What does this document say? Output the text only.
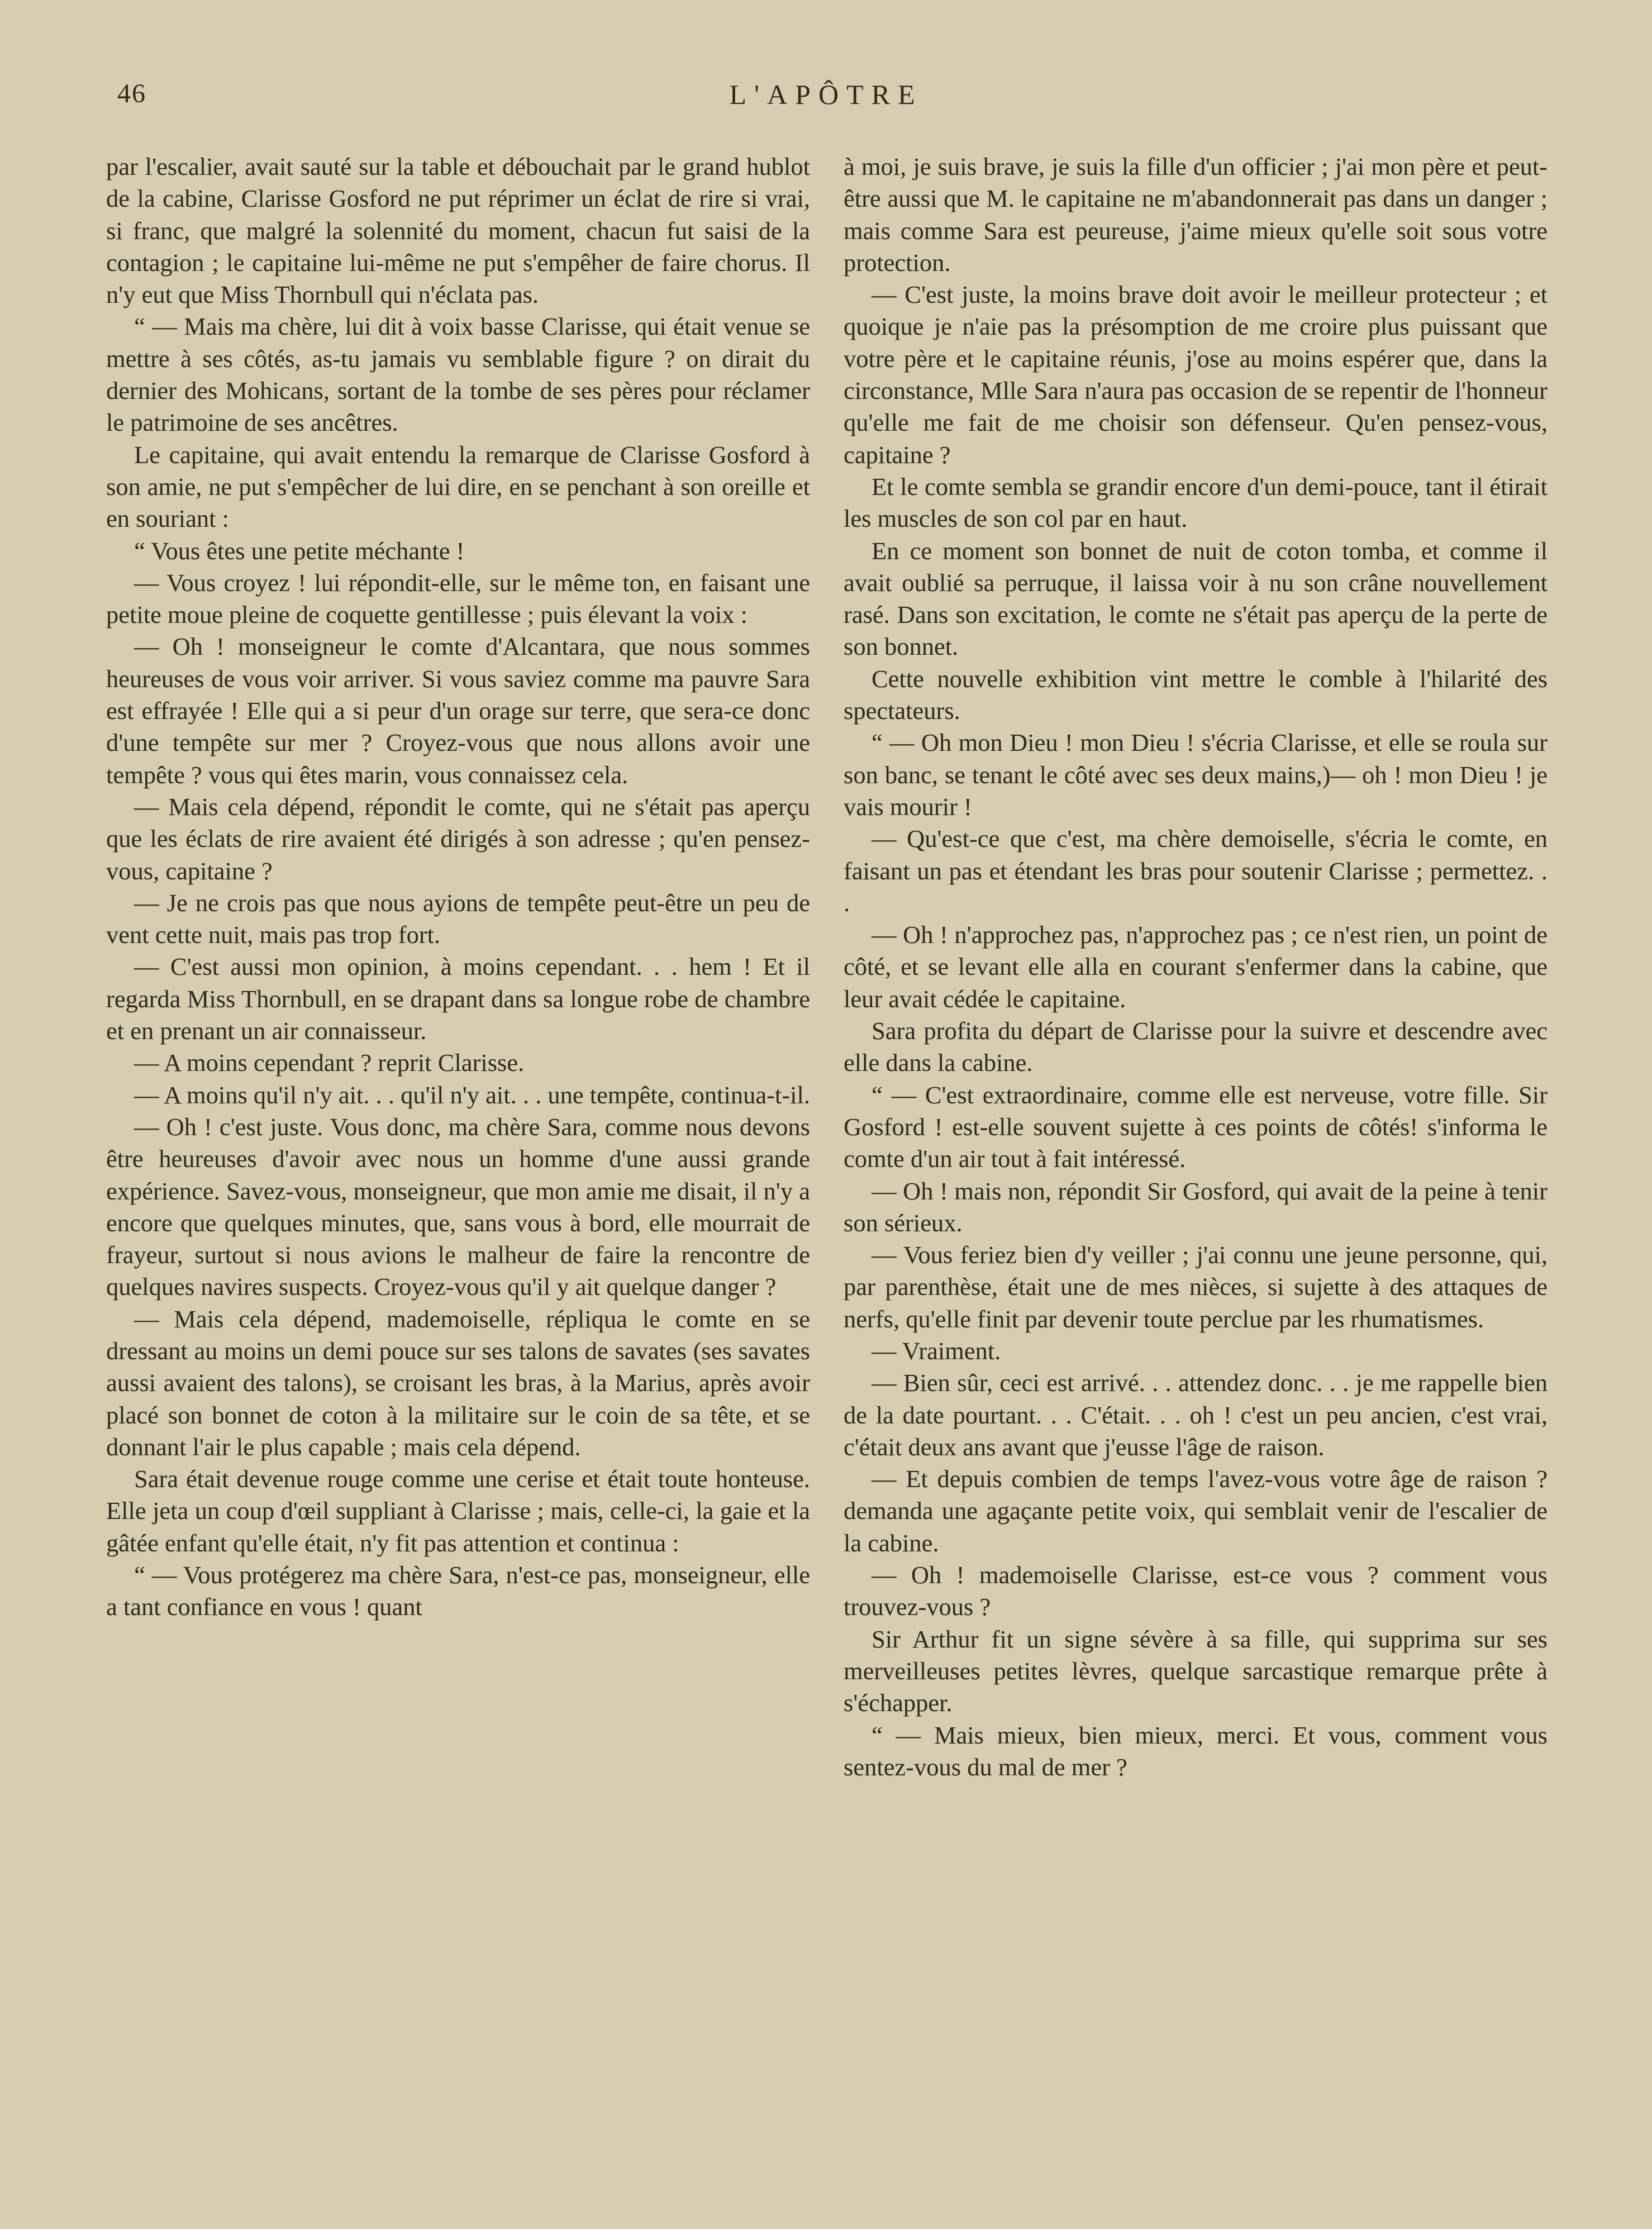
46	L'APÔTRE

par l'escalier, avait sauté sur la table et débouchait par le grand hublot de la cabine, Clarisse Gosford ne put réprimer un éclat de rire si vrai, si franc, que malgré la solennité du moment, chacun fut saisi de la contagion ; le capitaine lui-même ne put s'empêher de faire chorus. Il n'y eut que Miss Thornbull qui n'éclata pas.

“ — Mais ma chère, lui dit à voix basse Clarisse, qui était venue se mettre à ses côtés, as-tu jamais vu semblable figure ? on dirait du dernier des Mohicans, sortant de la tombe de ses pères pour réclamer le patrimoine de ses ancêtres.

Le capitaine, qui avait entendu la remarque de Clarisse Gosford à son amie, ne put s'empêcher de lui dire, en se penchant à son oreille et en souriant :

“ Vous êtes une petite méchante !

— Vous croyez ! lui répondit-elle, sur le même ton, en faisant une petite moue pleine de coquette gentillesse ; puis élevant la voix :

— Oh ! monseigneur le comte d'Alcantara, que nous sommes heureuses de vous voir arriver. Si vous saviez comme ma pauvre Sara est effrayée ! Elle qui a si peur d'un orage sur terre, que sera-ce donc d'une tempête sur mer ? Croyez-vous que nous allons avoir une tempête ? vous qui êtes marin, vous connaissez cela.

— Mais cela dépend, répondit le comte, qui ne s'était pas aperçu que les éclats de rire avaient été dirigés à son adresse ; qu'en pensez-vous, capitaine ?

— Je ne crois pas que nous ayions de tempête peut-être un peu de vent cette nuit, mais pas trop fort.

— C'est aussi mon opinion, à moins cependant. . . hem ! Et il regarda Miss Thornbull, en se drapant dans sa longue robe de chambre et en prenant un air connaisseur.

— A moins cependant ? reprit Clarisse.

— A moins qu'il n'y ait. . . qu'il n'y ait. . . une tempête, continua-t-il.

— Oh ! c'est juste. Vous donc, ma chère Sara, comme nous devons être heureuses d'avoir avec nous un homme d'une aussi grande expérience. Savez-vous, monseigneur, que mon amie me disait, il n'y a encore que quelques minutes, que, sans vous à bord, elle mourrait de frayeur, surtout si nous avions le malheur de faire la rencontre de quelques navires suspects. Croyez-vous qu'il y ait quelque danger ?

— Mais cela dépend, mademoiselle, répliqua le comte en se dressant au moins un demi pouce sur ses talons de savates (ses savates aussi avaient des talons), se croisant les bras, à la Marius, après avoir placé son bonnet de coton à la militaire sur le coin de sa tête, et se donnant l'air le plus capable ; mais cela dépend.

Sara était devenue rouge comme une cerise et était toute honteuse. Elle jeta un coup d'œil suppliant à Clarisse ; mais, celle-ci, la gaie et la gâtée enfant qu'elle était, n'y fit pas attention et continua :

“ — Vous protégerez ma chère Sara, n'est-ce pas, monseigneur, elle a tant confiance en vous ! quant

à moi, je suis brave, je suis la fille d'un officier ; j'ai mon père et peut-être aussi que M. le capitaine ne m'abandonnerait pas dans un danger ; mais comme Sara est peureuse, j'aime mieux qu'elle soit sous votre protection.

— C'est juste, la moins brave doit avoir le meilleur protecteur ; et quoique je n'aie pas la présomption de me croire plus puissant que votre père et le capitaine réunis, j'ose au moins espérer que, dans la circonstance, Mlle Sara n'aura pas occasion de se repentir de l'honneur qu'elle me fait de me choisir son défenseur. Qu'en pensez-vous, capitaine ?

Et le comte sembla se grandir encore d'un demi-pouce, tant il étirait les muscles de son col par en haut.

En ce moment son bonnet de nuit de coton tomba, et comme il avait oublié sa perruque, il laissa voir à nu son crâne nouvellement rasé. Dans son excitation, le comte ne s'était pas aperçu de la perte de son bonnet.

Cette nouvelle exhibition vint mettre le comble à l'hilarité des spectateurs.

“ — Oh mon Dieu ! mon Dieu ! s'écria Clarisse, et elle se roula sur son banc, se tenant le côté avec ses deux mains,)— oh ! mon Dieu ! je vais mourir !

— Qu'est-ce que c'est, ma chère demoiselle, s'écria le comte, en faisant un pas et étendant les bras pour soutenir Clarisse ; permettez. . .

— Oh ! n'approchez pas, n'approchez pas ; ce n'est rien, un point de côté, et se levant elle alla en courant s'enfermer dans la cabine, que leur avait cédée le capitaine.

Sara profita du départ de Clarisse pour la suivre et descendre avec elle dans la cabine.

“ — C'est extraordinaire, comme elle est nerveuse, votre fille. Sir Gosford ! est-elle souvent sujette à ces points de côtés! s'informa le comte d'un air tout à fait intéressé.

— Oh ! mais non, répondit Sir Gosford, qui avait de la peine à tenir son sérieux.

— Vous feriez bien d'y veiller ; j'ai connu une jeune personne, qui, par parenthèse, était une de mes nièces, si sujette à des attaques de nerfs, qu'elle finit par devenir toute perclue par les rhumatismes.

— Vraiment.

— Bien sûr, ceci est arrivé. . . attendez donc. . . je me rappelle bien de la date pourtant. . . C'était. . . oh ! c'est un peu ancien, c'est vrai, c'était deux ans avant que j'eusse l'âge de raison.

— Et depuis combien de temps l'avez-vous votre âge de raison ? demanda une agaçante petite voix, qui semblait venir de l'escalier de la cabine.

— Oh ! mademoiselle Clarisse, est-ce vous ? comment vous trouvez-vous ?

Sir Arthur fit un signe sévère à sa fille, qui supprima sur ses merveilleuses petites lèvres, quelque sarcastique remarque prête à s'échapper.

“ — Mais mieux, bien mieux, merci. Et vous, comment vous sentez-vous du mal de mer ?
